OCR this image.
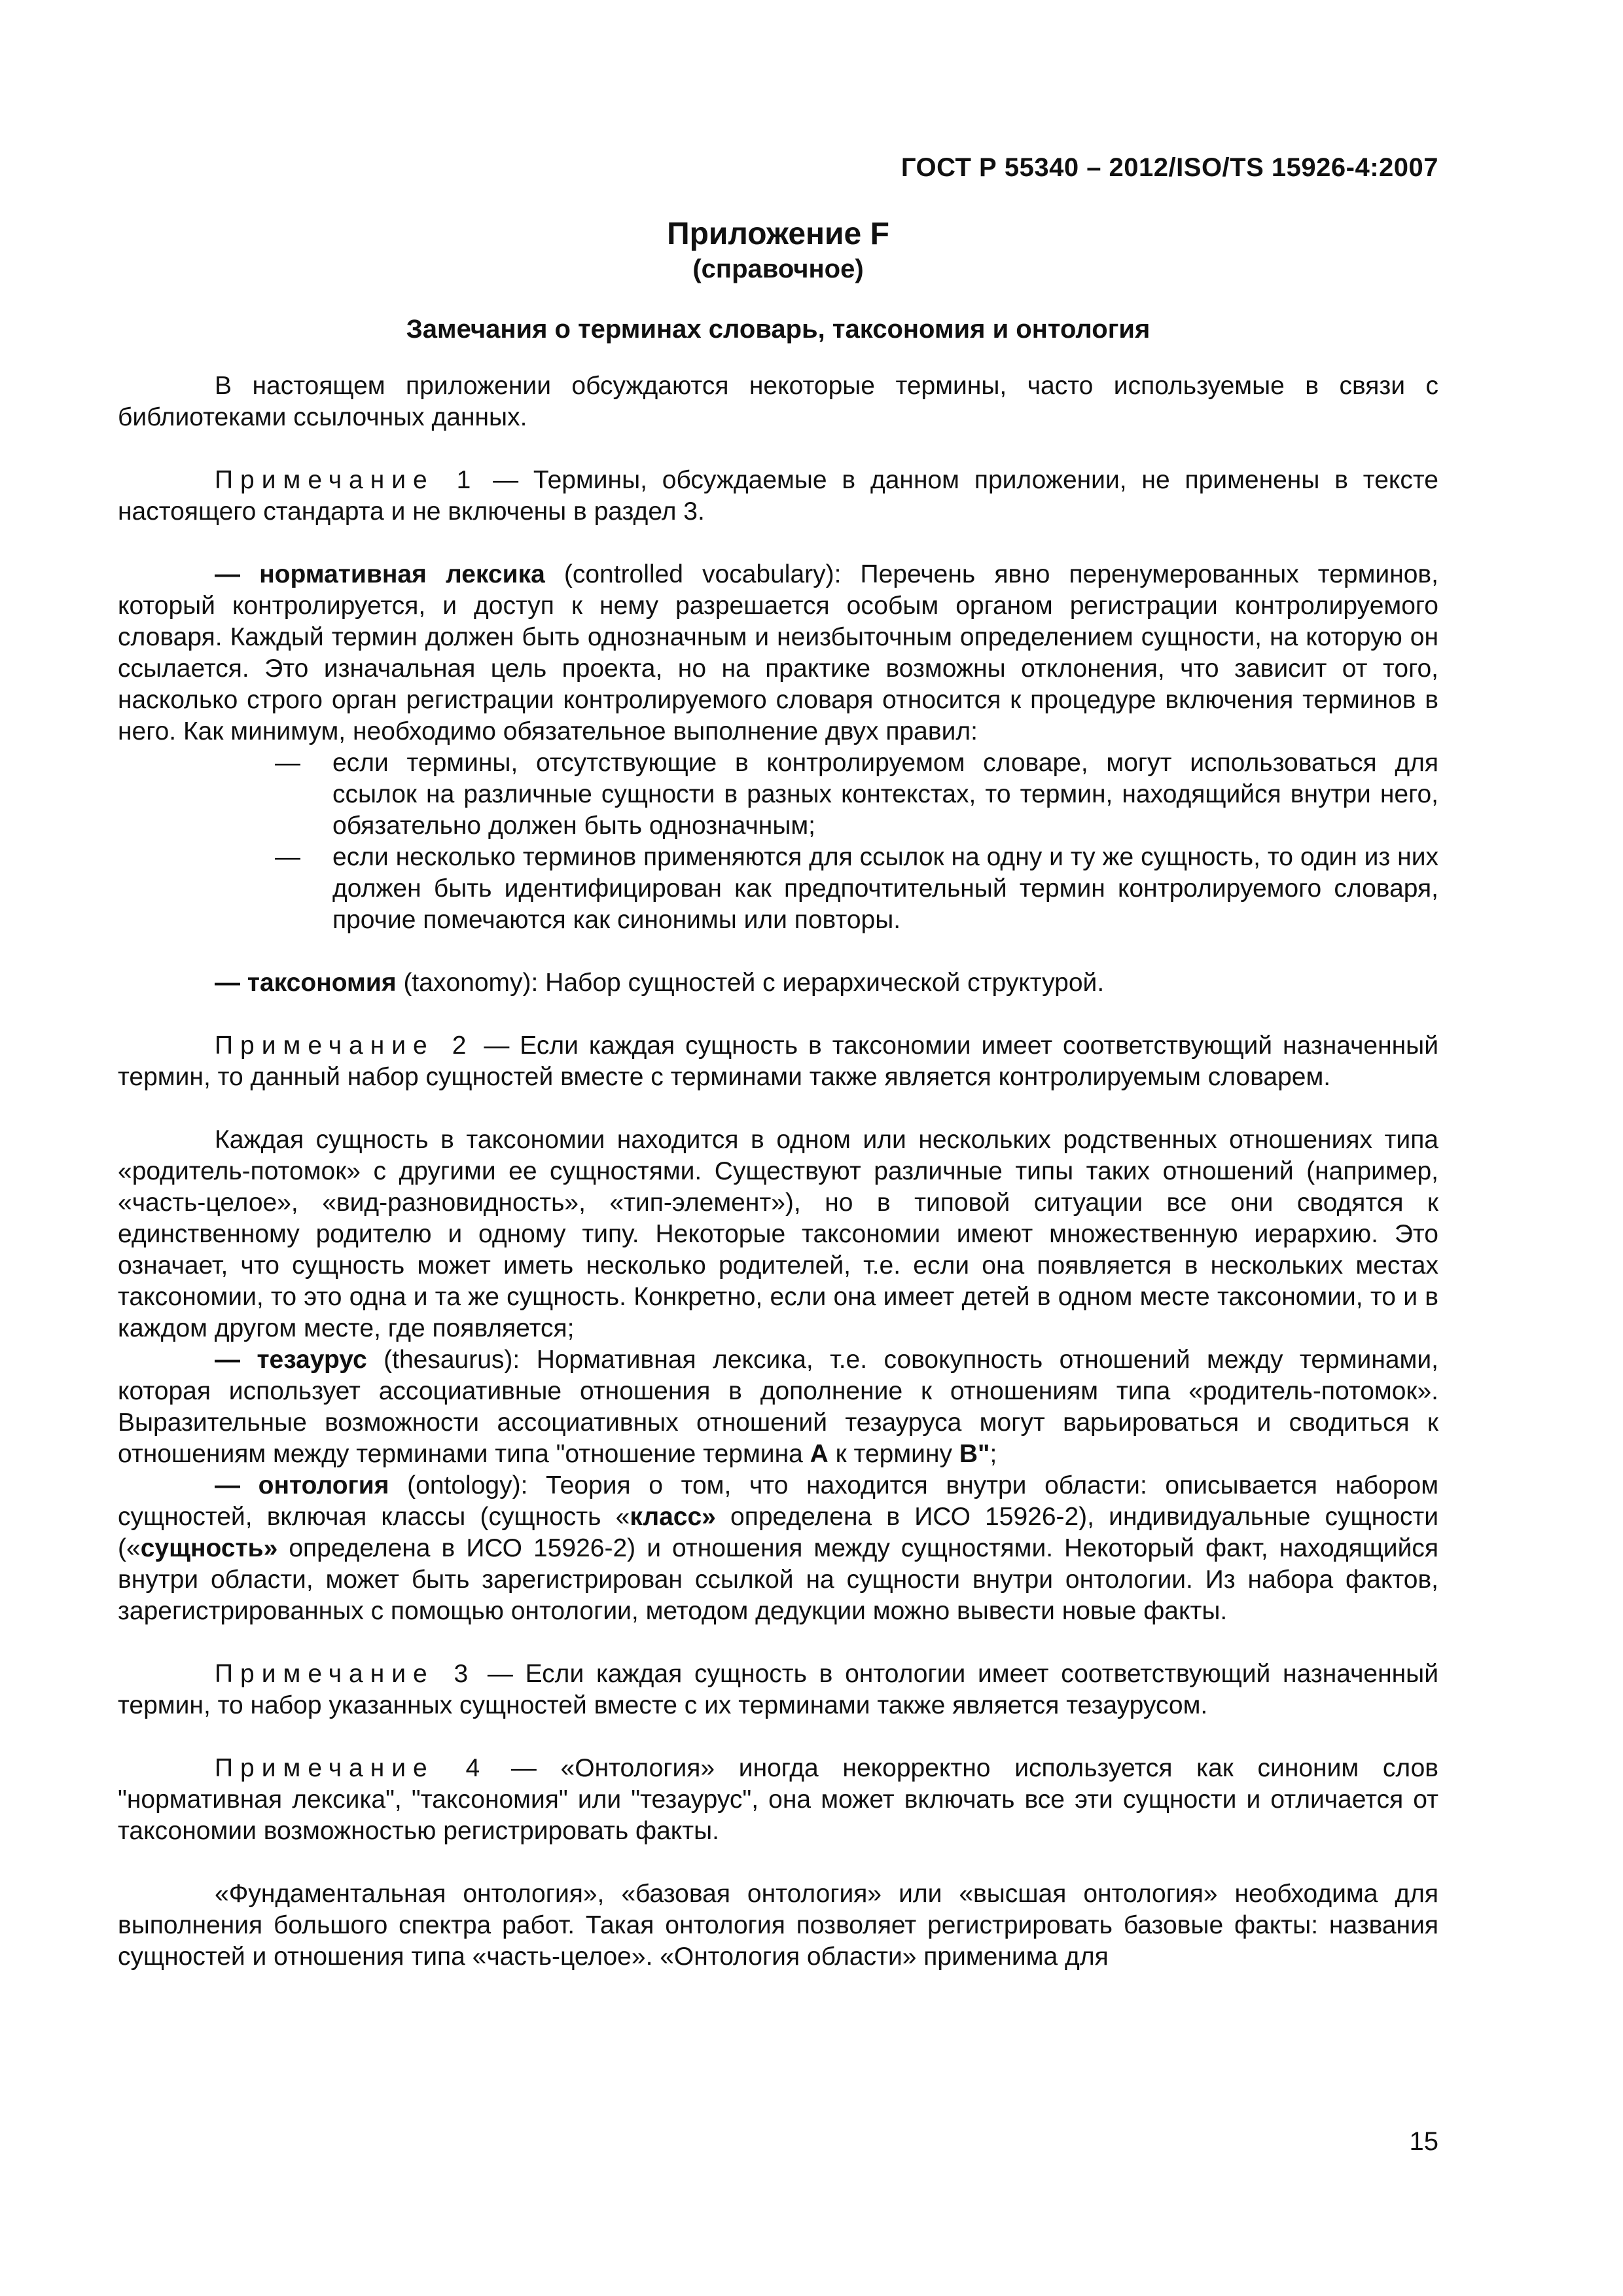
ГОСТ Р 55340 – 2012/ISO/TS 15926-4:2007
Приложение F
(справочное)
Замечания о терминах словарь, таксономия и онтология

В настоящем приложении обсуждаются некоторые термины, часто используемые в связи с библиотеками ссылочных данных.

Примечание 1 — Термины, обсуждаемые в данном приложении, не применены в тексте настоящего стандарта и не включены в раздел 3.

— нормативная лексика (controlled vocabulary): Перечень явно перенумерованных терминов, который контролируется, и доступ к нему разрешается особым органом регистрации контролируемого словаря. Каждый термин должен быть однозначным и неизбыточным определением сущности, на которую он ссылается. Это изначальная цель проекта, но на практике возможны отклонения, что зависит от того, насколько строго орган регистрации контролируемого словаря относится к процедуре включения терминов в него. Как минимум, необходимо обязательное выполнение двух правил:

— если термины, отсутствующие в контролируемом словаре, могут использоваться для ссылок на различные сущности в разных контекстах, то термин, находящийся внутри него, обязательно должен быть однозначным;
— если несколько терминов применяются для ссылок на одну и ту же сущность, то один из них должен быть идентифицирован как предпочтительный термин контролируемого словаря, прочие помечаются как синонимы или повторы.

— таксономия (taxonomy): Набор сущностей с иерархической структурой.

Примечание 2 — Если каждая сущность в таксономии имеет соответствующий назначенный термин, то данный набор сущностей вместе с терминами также является контролируемым словарем.

Каждая сущность в таксономии находится в одном или нескольких родственных отношениях типа «родитель-потомок» с другими ее сущностями. Существуют различные типы таких отношений (например, «часть-целое», «вид-разновидность», «тип-элемент»), но в типовой ситуации все они сводятся к единственному родителю и одному типу. Некоторые таксономии имеют множественную иерархию. Это означает, что сущность может иметь несколько родителей, т.е. если она появляется в нескольких местах таксономии, то это одна и та же сущность. Конкретно, если она имеет детей в одном месте таксономии, то и в каждом другом месте, где появляется;

— тезаурус (thesaurus): Нормативная лексика, т.е. совокупность отношений между терминами, которая использует ассоциативные отношения в дополнение к отношениям типа «родитель-потомок». Выразительные возможности ассоциативных отношений тезауруса могут варьироваться и сводиться к отношениям между терминами типа "отношение термина А к термину В";

— онтология (ontology): Теория о том, что находится внутри области: описывается набором сущностей, включая классы (сущность «класс» определена в ИСО 15926-2), индивидуальные сущности («сущность» определена в ИСО 15926-2) и отношения между сущностями. Некоторый факт, находящийся внутри области, может быть зарегистрирован ссылкой на сущности внутри онтологии. Из набора фактов, зарегистрированных с помощью онтологии, методом дедукции можно вывести новые факты.

Примечание 3 — Если каждая сущность в онтологии имеет соответствующий назначенный термин, то набор указанных сущностей вместе с их терминами также является тезаурусом.

Примечание 4 — «Онтология» иногда некорректно используется как синоним слов "нормативная лексика", "таксономия" или "тезаурус", она может включать все эти сущности и отличается от таксономии возможностью регистрировать факты.

«Фундаментальная онтология», «базовая онтология» или «высшая онтология» необходима для выполнения большого спектра работ. Такая онтология позволяет регистрировать базовые факты: названия сущностей и отношения типа «часть-целое». «Онтология области» применима для

15
